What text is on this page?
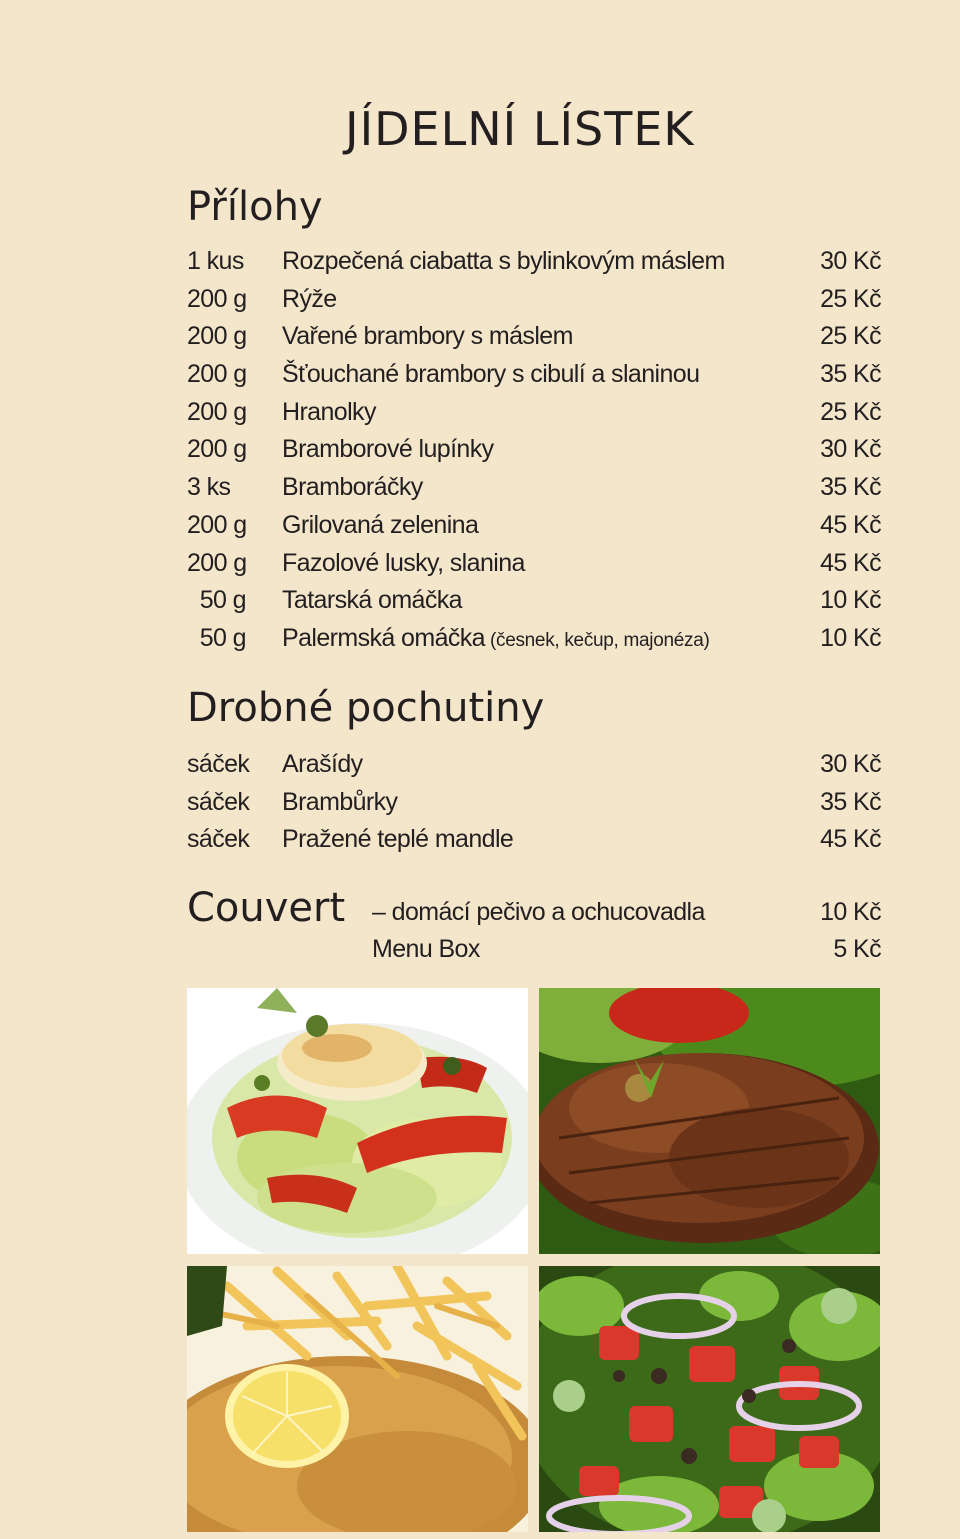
JÍDELNÍ LÍSTEK
Přílohy
1 kus	Rozpečená ciabatta s bylinkovým máslem	30 Kč
200 g	Rýže	25 Kč
200 g	Vařené brambory s máslem	25 Kč
200 g	Šťouchané brambory s cibulí a slaninou	35 Kč
200 g	Hranolky	25 Kč
200 g	Bramborové lupínky	30 Kč
3 ks	Bramboráčky	35 Kč
200 g	Grilovaná zelenina	45 Kč
200 g	Fazolové lusky, slanina	45 Kč
50 g	Tatarská omáčka	10 Kč
50 g	Palermská omáčka (česnek, kečup, majonéza)	10 Kč
Drobné pochutiny
sáček	Arašídy	30 Kč
sáček	Brambůrky	35 Kč
sáček	Pražené teplé mandle	45 Kč
Couvert – domácí pečivo a ochucovadla	10 Kč
Menu Box	5 Kč
